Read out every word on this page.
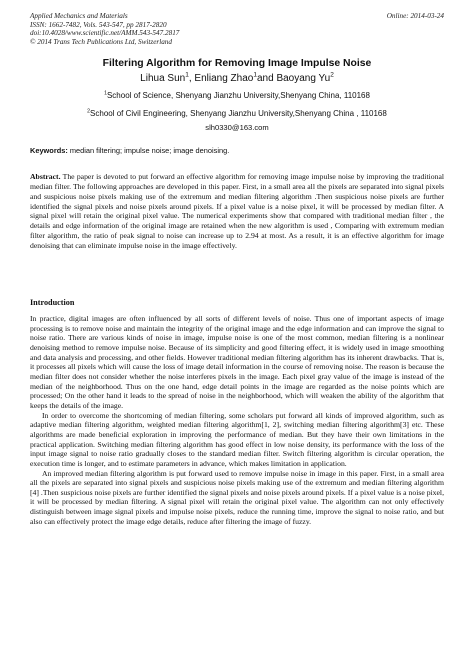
Applied Mechanics and Materials
ISSN: 1662-7482, Vols. 543-547, pp 2817-2820
doi:10.4028/www.scientific.net/AMM.543-547.2817
© 2014 Trans Tech Publications Ltd, Switzerland
Online: 2014-03-24
Filtering Algorithm for Removing Image Impulse Noise
Lihua Sun$^1$, Enliang Zhao$^1$and Baoyang Yu$^2$
$^1$School of Science, Shenyang Jianzhu University,Shenyang China, 110168
$^2$School of Civil Engineering, Shenyang Jianzhu University,Shenyang China , 110168
slh0330@163.com
Keywords: median filtering; impulse noise; image denoising.
Abstract. The paper is devoted to put forward an effective algorithm for removing image impulse noise by improving the traditional median filter. The following approaches are developed in this paper. First, in a small area all the pixels are separated into signal pixels and suspicious noise pixels making use of the extremum and median filtering algorithm .Then suspicious noise pixels are further identified the signal pixels and noise pixels around pixels. If a pixel value is a noise pixel, it will be processed by median filter. A signal pixel will retain the original pixel value. The numerical experiments show that compared with traditional median filter , the details and edge information of the original image are retained when the new algorithm is used , Comparing with extremum median filter algorithm, the ratio of peak signal to noise can increase up to 2.94 at most. As a result, it is an effective algorithm for image denoising that can eliminate impulse noise in the image effectively.
Introduction

In practice, digital images are often influenced by all sorts of different levels of noise. Thus one of important aspects of image processing is to remove noise and maintain the integrity of the original image and the edge information and can improve the signal to noise ratio. There are various kinds of noise in image, impulse noise is one of the most common, median filtering is a nonlinear denoising method to remove impulse noise. Because of its simplicity and good filtering effect, it is widely used in image smoothing and data analysis and processing, and other fields. However traditional median filtering algorithm has its inherent drawbacks. That is, it processes all pixels which will cause the loss of image detail information in the course of removing noise. The reason is because the median filter does not consider whether the noise interferes pixels in the image. Each pixel gray value of the image is instead of the median of the neighborhood. Thus on the one hand, edge detail points in the image are regarded as the noise points which are processed; On the other hand it leads to the spread of noise in the neighborhood, which will weaken the ability of the algorithm that keeps the details of the image.

In order to overcome the shortcoming of median filtering, some scholars put forward all kinds of improved algorithm, such as adaptive median filtering algorithm, weighted median filtering algorithm[1, 2], switching median filtering algorithm[3] etc. These algorithms are made beneficial exploration in improving the performance of median. But they have their own limitations in the practical application. Switching median filtering algorithm has good effect in low noise density, its performance with the loss of the input image signal to noise ratio gradually closes to the standard median filter. Switch filtering algorithm is circular operation, the execution time is longer, and to estimate parameters in advance, which makes limitation in application.

An improved median filtering algorithm is put forward used to remove impulse noise in image in this paper. First, in a small area all the pixels are separated into signal pixels and suspicious noise pixels making use of the extremum and median filtering algorithm [4] .Then suspicious noise pixels are further identified the signal pixels and noise pixels around pixels. If a pixel value is a noise pixel, it will be processed by median filtering. A signal pixel will retain the original pixel value. The algorithm can not only effectively distinguish between image signal pixels and impulse noise pixels, reduce the running time, improve the signal to noise ratio, and but also can effectively protect the image edge details, reduce after filtering the image of fuzzy.
